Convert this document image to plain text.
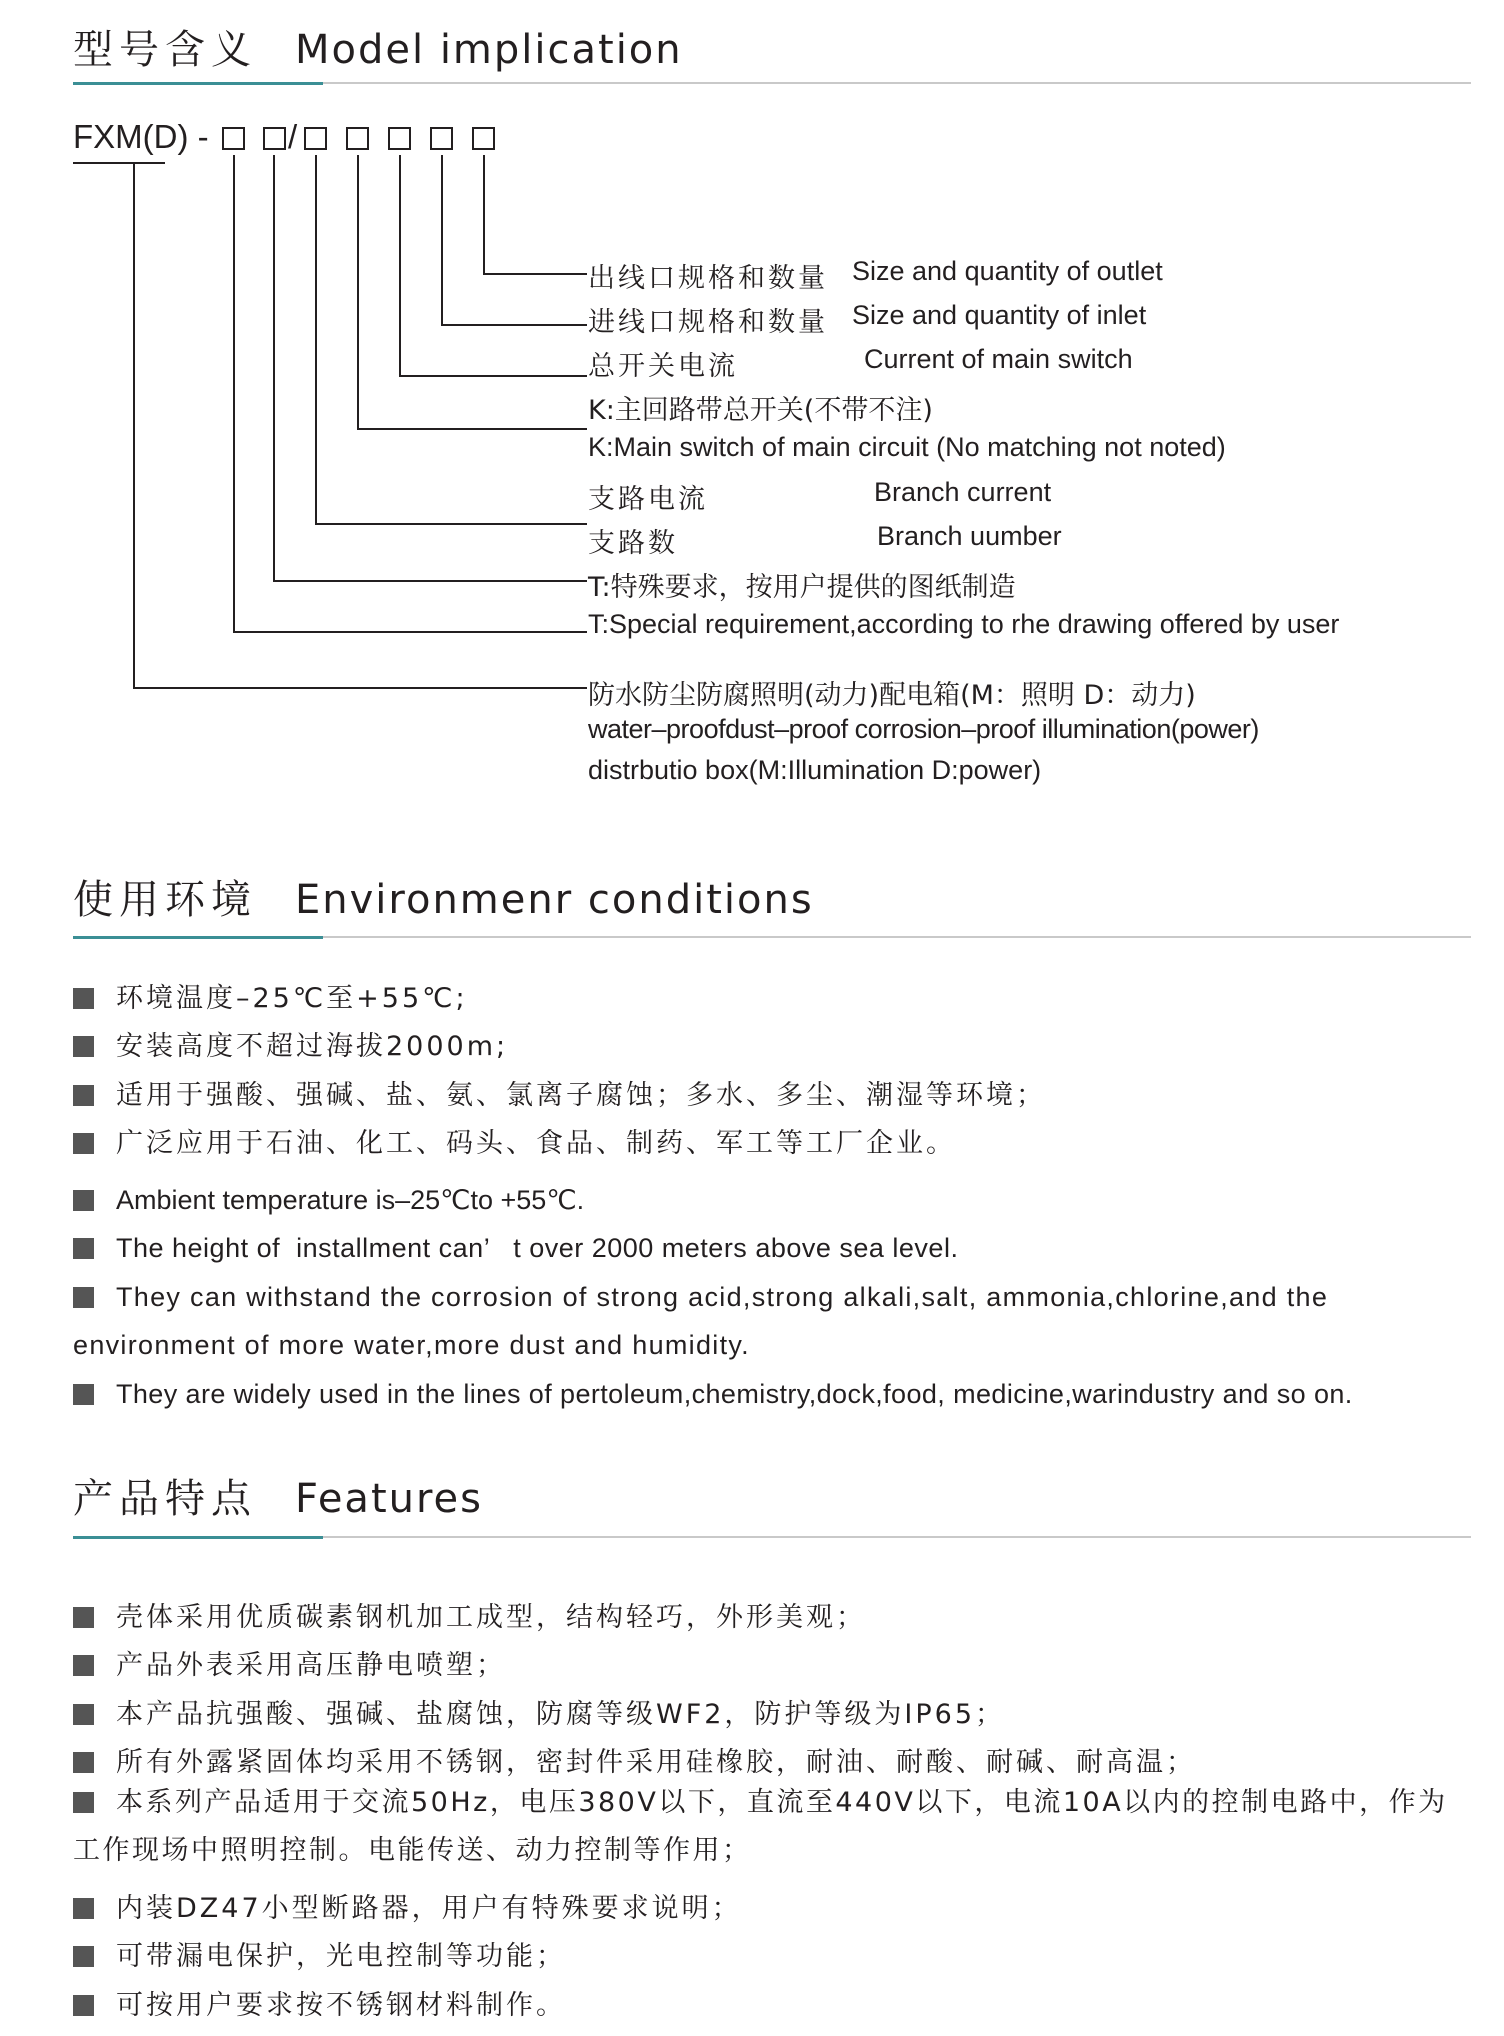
型号含义 Model implication
FXM(D) - /
出线口规格和数量 Size and quantity of outlet
进线口规格和数量 Size and quantity of inlet
总开关电流	Current of main switch
K:主回路带总开关(不带不注)
K:Main switch of main circuit (No matching not noted)
支路电流	Branch current
支路数	Branch uumber
T:特殊要求，按用户提供的图纸制造
T:Special requirement,according to rhe drawing offered by user
防水防尘防腐照明(动力)配电箱(M：照明 D：动力)
water–proofdust–proof corrosion–proof illumination(power)
distrbutio box(M:Illumination D:power)
使用环境 Environmenr conditions
环境温度–25℃至+55℃;
安装高度不超过海拔2000m;
适用于强酸、强碱、盐、氨、氯离子腐蚀；多水、多尘、潮湿等环境；
广泛应用于石油、化工、码头、食品、制药、军工等工厂企业。
Ambient temperature is–25℃to +55℃.
The height of  installment can’   t over 2000 meters above sea level.
They can withstand the corrosion of strong acid,strong alkali,salt, ammonia,chlorine,and the environment of more water,more dust and humidity.
They are widely used in the lines of pertoleum,chemistry,dock,food, medicine,warindustry and so on.
产品特点 Features
壳体采用优质碳素钢机加工成型，结构轻巧，外形美观；
产品外表采用高压静电喷塑；
本产品抗强酸、强碱、盐腐蚀，防腐等级WF2，防护等级为IP65；
所有外露紧固体均采用不锈钢，密封件采用硅橡胶，耐油、耐酸、耐碱、耐高温；
本系列产品适用于交流50Hz，电压380V以下，直流至440V以下，电流10A以内的控制电路中，作为工作现场中照明控制。电能传送、动力控制等作用；
内装DZ47小型断路器，用户有特殊要求说明；
可带漏电保护，光电控制等功能；
可按用户要求按不锈钢材料制作。
